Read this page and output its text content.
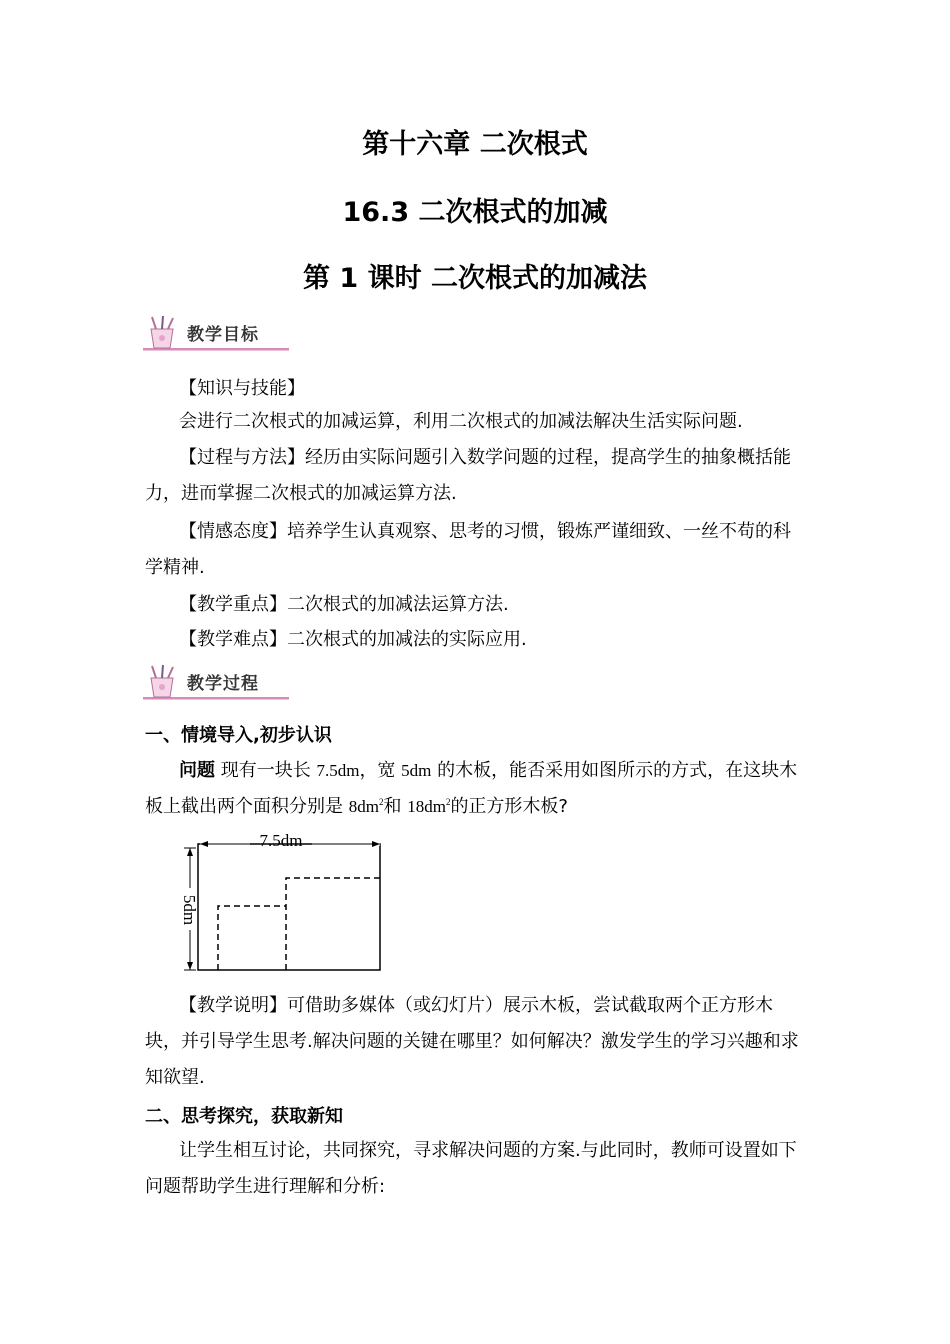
第十六章 二次根式
16.3 二次根式的加减
第 1 课时 二次根式的加减法
教学目标
【知识与技能】
会进行二次根式的加减运算，利用二次根式的加减法解决生活实际问题.
【过程与方法】经历由实际问题引入数学问题的过程，提高学生的抽象概括能力，进而掌握二次根式的加减运算方法.
【情感态度】培养学生认真观察、思考的习惯，锻炼严谨细致、一丝不苟的科学精神.
【教学重点】二次根式的加减法运算方法.
【教学难点】二次根式的加减法的实际应用.
教学过程
一、情境导入,初步认识
问题 现有一块长 7.5dm，宽 5dm 的木板，能否采用如图所示的方式，在这块木板上截出两个面积分别是 $8dm^2$和 $18dm^2$的正方形木板?
7.5dm
5dm
【教学说明】可借助多媒体（或幻灯片）展示木板，尝试截取两个正方形木块，并引导学生思考.解决问题的关键在哪里？如何解决？激发学生的学习兴趣和求知欲望.
二、思考探究，获取新知
让学生相互讨论，共同探究，寻求解决问题的方案.与此同时，教师可设置如下问题帮助学生进行理解和分析:
